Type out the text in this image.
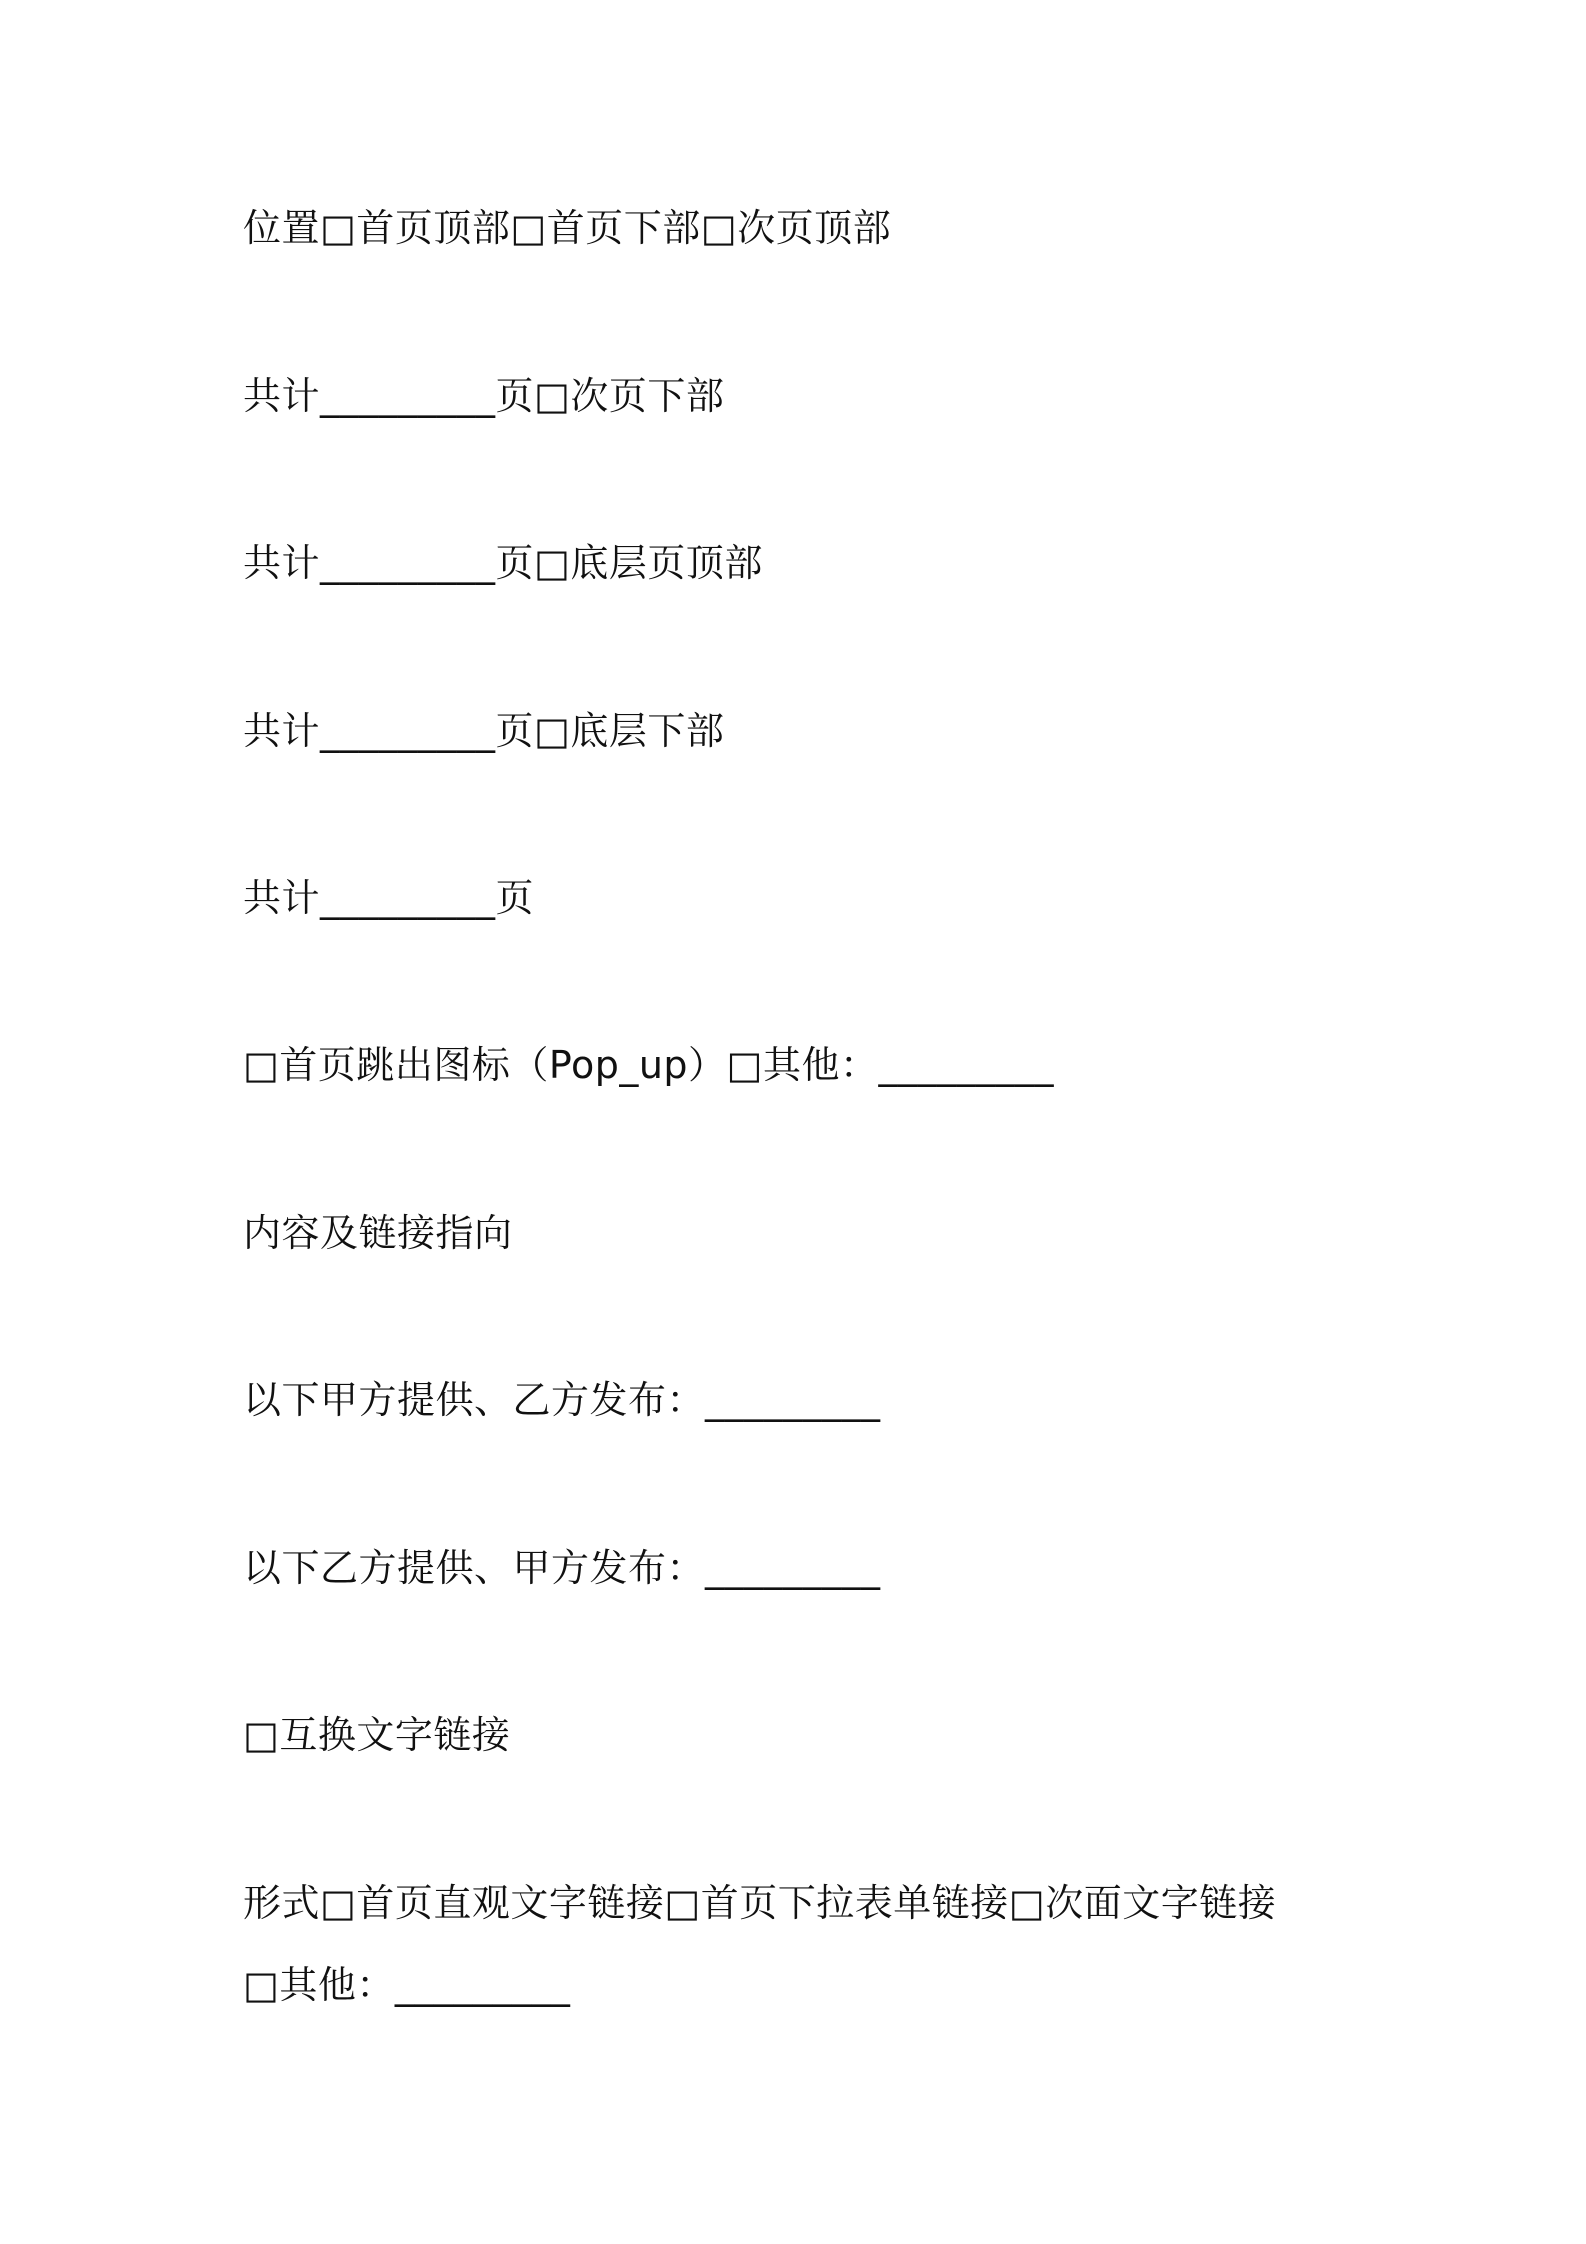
位置□首页顶部□首页下部□次页顶部
共计_________页□次页下部
共计_________页□底层页顶部
共计_________页□底层下部
共计_________页
□首页跳出图标（Pop_up）□其他：_________
内容及链接指向
以下甲方提供、乙方发布：_________
以下乙方提供、甲方发布：_________
□互换文字链接
形式□首页直观文字链接□首页下拉表单链接□次面文字链接
□其他：_________
